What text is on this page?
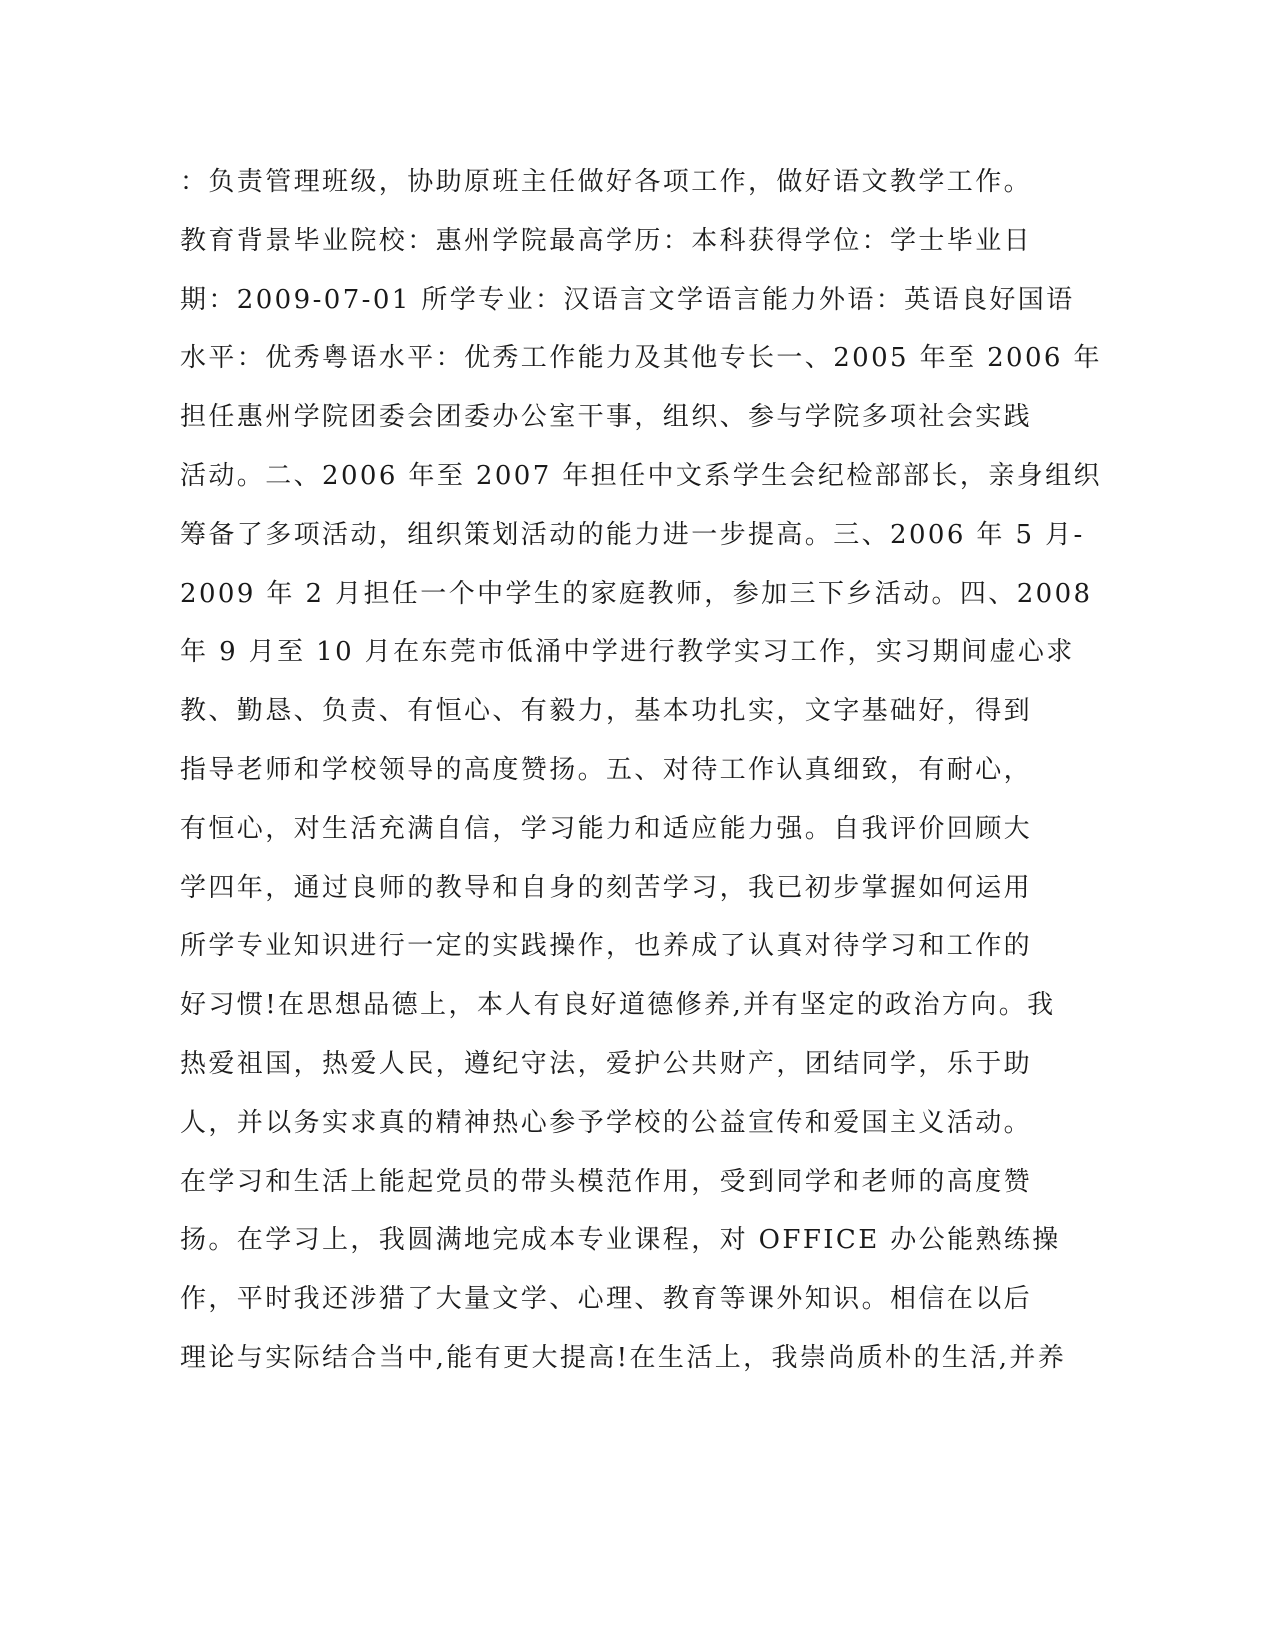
：负责管理班级，协助原班主任做好各项工作，做好语文教学工作。
教育背景毕业院校：惠州学院最高学历：本科获得学位：学士毕业日
期：2009-07-01 所学专业：汉语言文学语言能力外语：英语良好国语
水平：优秀粤语水平：优秀工作能力及其他专长一、2005 年至 2006 年
担任惠州学院团委会团委办公室干事，组织、参与学院多项社会实践
活动。二、2006 年至 2007 年担任中文系学生会纪检部部长，亲身组织
筹备了多项活动，组织策划活动的能力进一步提高。三、2006 年 5 月-
2009 年 2 月担任一个中学生的家庭教师，参加三下乡活动。四、2008
年 9 月至 10 月在东莞市低涌中学进行教学实习工作，实习期间虚心求
教、勤恳、负责、有恒心、有毅力，基本功扎实，文字基础好，得到
指导老师和学校领导的高度赞扬。五、对待工作认真细致，有耐心，
有恒心，对生活充满自信，学习能力和适应能力强。自我评价回顾大
学四年，通过良师的教导和自身的刻苦学习，我已初步掌握如何运用
所学专业知识进行一定的实践操作，也养成了认真对待学习和工作的
好习惯!在思想品德上，本人有良好道德修养,并有坚定的政治方向。我
热爱祖国，热爱人民，遵纪守法，爱护公共财产，团结同学，乐于助
人，并以务实求真的精神热心参予学校的公益宣传和爱国主义活动。
在学习和生活上能起党员的带头模范作用，受到同学和老师的高度赞
扬。在学习上，我圆满地完成本专业课程，对 OFFICE 办公能熟练操
作，平时我还涉猎了大量文学、心理、教育等课外知识。相信在以后
理论与实际结合当中,能有更大提高!在生活上，我崇尚质朴的生活,并养
